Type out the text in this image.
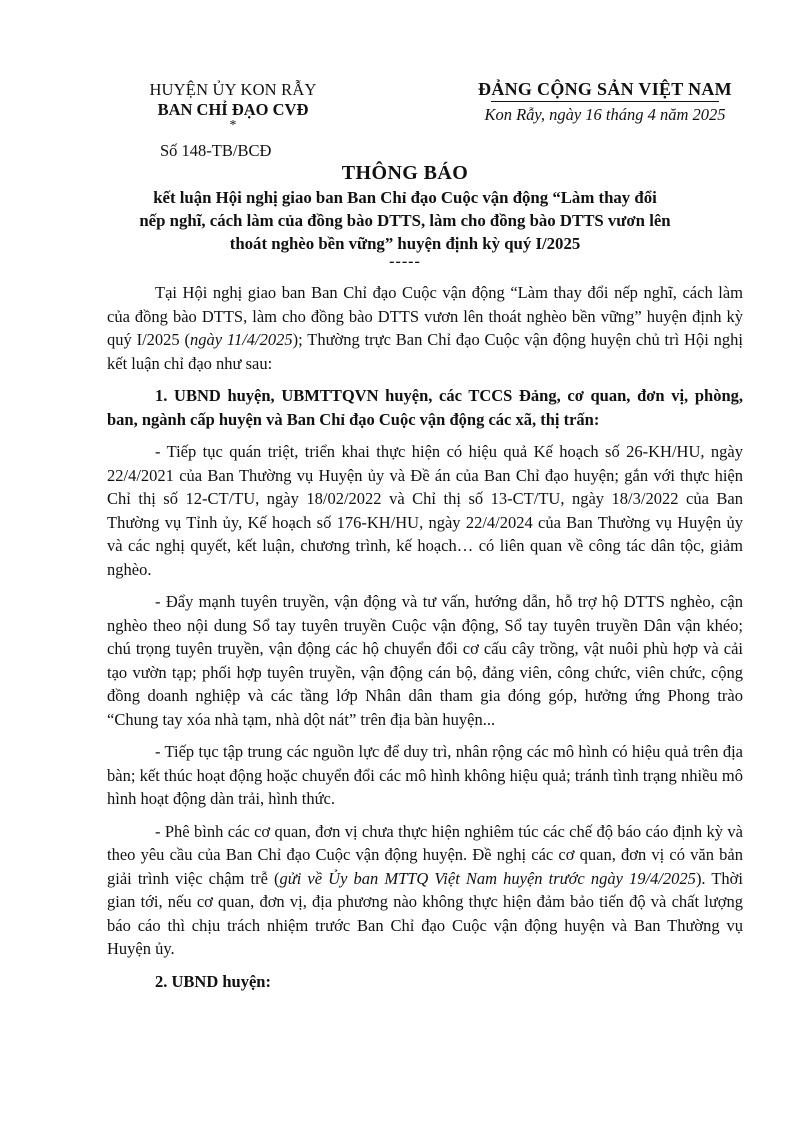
HUYỆN ỦY KON RẪY
BAN CHỈ ĐẠO CVĐ
*
ĐẢNG CỘNG SẢN VIỆT NAM
Kon Rẫy, ngày 16 tháng 4 năm 2025
Số 148-TB/BCĐ
THÔNG BÁO
kết luận Hội nghị giao ban Ban Chỉ đạo Cuộc vận động “Làm thay đổi
nếp nghĩ, cách làm của đồng bào DTTS, làm cho đồng bào DTTS vươn lên
thoát nghèo bền vững” huyện định kỳ quý I/2025
-----

Tại Hội nghị giao ban Ban Chỉ đạo Cuộc vận động “Làm thay đổi nếp nghĩ, cách làm của đồng bào DTTS, làm cho đồng bào DTTS vươn lên thoát nghèo bền vững” huyện định kỳ quý I/2025 (ngày 11/4/2025); Thường trực Ban Chỉ đạo Cuộc vận động huyện chủ trì Hội nghị kết luận chỉ đạo như sau:

1. UBND huyện, UBMTTQVN huyện, các TCCS Đảng, cơ quan, đơn vị, phòng, ban, ngành cấp huyện và Ban Chỉ đạo Cuộc vận động các xã, thị trấn:

- Tiếp tục quán triệt, triển khai thực hiện có hiệu quả Kế hoạch số 26-KH/HU, ngày 22/4/2021 của Ban Thường vụ Huyện ủy và Đề án của Ban Chỉ đạo huyện; gắn với thực hiện Chỉ thị số 12-CT/TU, ngày 18/02/2022 và Chỉ thị số 13-CT/TU, ngày 18/3/2022 của Ban Thường vụ Tỉnh ủy, Kế hoạch số 176-KH/HU, ngày 22/4/2024 của Ban Thường vụ Huyện ủy và các nghị quyết, kết luận, chương trình, kế hoạch… có liên quan về công tác dân tộc, giảm nghèo.

- Đẩy mạnh tuyên truyền, vận động và tư vấn, hướng dẫn, hỗ trợ hộ DTTS nghèo, cận nghèo theo nội dung Sổ tay tuyên truyền Cuộc vận động, Sổ tay tuyên truyền Dân vận khéo; chú trọng tuyên truyền, vận động các hộ chuyển đổi cơ cấu cây trồng, vật nuôi phù hợp và cải tạo vườn tạp; phối hợp tuyên truyền, vận động cán bộ, đảng viên, công chức, viên chức, cộng đồng doanh nghiệp và các tầng lớp Nhân dân tham gia đóng góp, hưởng ứng Phong trào “Chung tay xóa nhà tạm, nhà dột nát” trên địa bàn huyện...

- Tiếp tục tập trung các nguồn lực để duy trì, nhân rộng các mô hình có hiệu quả trên địa bàn; kết thúc hoạt động hoặc chuyển đổi các mô hình không hiệu quả; tránh tình trạng nhiều mô hình hoạt động dàn trải, hình thức.

- Phê bình các cơ quan, đơn vị chưa thực hiện nghiêm túc các chế độ báo cáo định kỳ và theo yêu cầu của Ban Chỉ đạo Cuộc vận động huyện. Đề nghị các cơ quan, đơn vị có văn bản giải trình việc chậm trễ (gửi về Ủy ban MTTQ Việt Nam huyện trước ngày 19/4/2025). Thời gian tới, nếu cơ quan, đơn vị, địa phương nào không thực hiện đảm bảo tiến độ và chất lượng báo cáo thì chịu trách nhiệm trước Ban Chỉ đạo Cuộc vận động huyện và Ban Thường vụ Huyện ủy.

2. UBND huyện:
